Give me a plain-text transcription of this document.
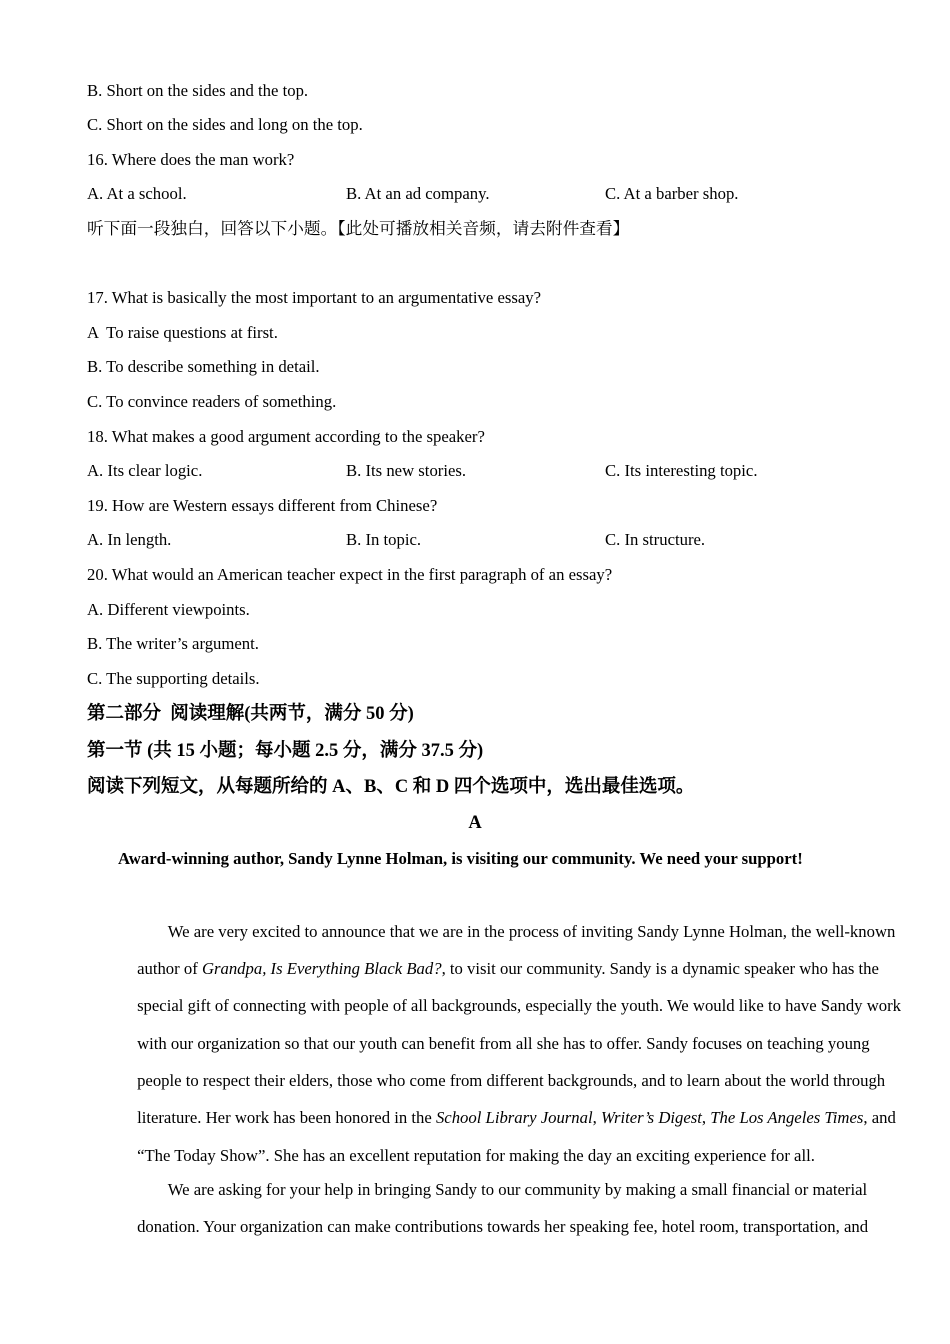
B. Short on the sides and the top.
C. Short on the sides and long on the top.
16. Where does the man work?
A. At a school.	B. At an ad company.	C. At a barber shop.
听下面一段独白，回答以下小题。【此处可播放相关音频，请去附件查看】
17. What is basically the most important to an argumentative essay?
A  To raise questions at first.
B. To describe something in detail.
C. To convince readers of something.
18. What makes a good argument according to the speaker?
A. Its clear logic.	B. Its new stories.	C. Its interesting topic.
19. How are Western essays different from Chinese?
A. In length.	B. In topic.	C. In structure.
20. What would an American teacher expect in the first paragraph of an essay?
A. Different viewpoints.
B. The writer’s argument.
C. The supporting details.
第二部分  阅读理解(共两节，满分 50 分)
第一节 (共 15 小题；每小题 2.5 分，满分 37.5 分)
阅读下列短文，从每题所给的 A、B、C 和 D 四个选项中，选出最佳选项。
A
Award-winning author, Sandy Lynne Holman, is visiting our community. We need your support!

We are very excited to announce that we are in the process of inviting Sandy Lynne Holman, the well-known

author of Grandpa, Is Everything Black Bad?, to visit our community. Sandy is a dynamic speaker who has the

special gift of connecting with people of all backgrounds, especially the youth. We would like to have Sandy work

with our organization so that our youth can benefit from all she has to offer. Sandy focuses on teaching young

people to respect their elders, those who come from different backgrounds, and to learn about the world through

literature. Her work has been honored in the School Library Journal, Writer’s Digest, The Los Angeles Times, and

“The Today Show”. She has an excellent reputation for making the day an exciting experience for all.

We are asking for your help in bringing Sandy to our community by making a small financial or material

donation. Your organization can make contributions towards her speaking fee, hotel room, transportation, and
